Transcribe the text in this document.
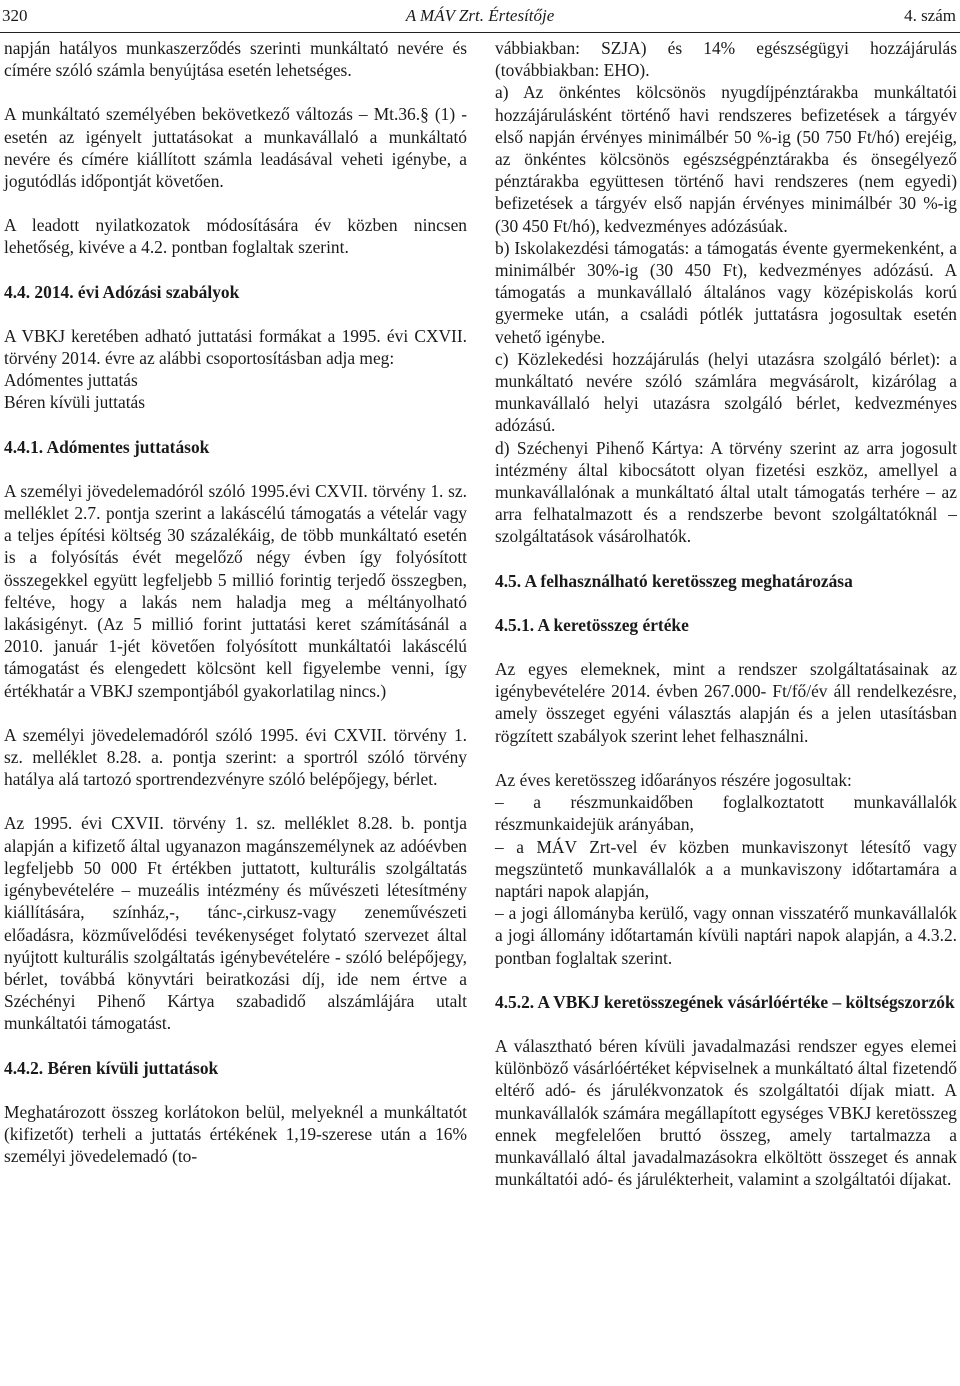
320	A MÁV Zrt. Értesítője	4. szám

napján hatályos munkaszerződés szerinti munkáltató nevére és címére szóló számla benyújtása esetén lehetséges.

A munkáltató személyében bekövetkező változás – Mt.36.§ (1) - esetén az igényelt juttatásokat a munkavállaló a munkáltató nevére és címére kiállított számla leadásával veheti igénybe, a jogutódlás időpontját követően.

A leadott nyilatkozatok módosítására év közben nincsen lehetőség, kivéve a 4.2. pontban foglaltak szerint.

4.4. 2014. évi Adózási szabályok

A VBKJ keretében adható juttatási formákat a 1995. évi CXVII. törvény 2014. évre az alábbi csoportosításban adja meg:

Adómentes juttatás

Béren kívüli juttatás

4.4.1. Adómentes juttatások

A személyi jövedelemadóról szóló 1995.évi CXVII. törvény 1. sz. melléklet 2.7. pontja szerint a lakáscélú támogatás a vételár vagy a teljes építési költség 30 százalékáig, de több munkáltató esetén is a folyósítás évét megelőző négy évben így folyósított összegekkel együtt legfeljebb 5 millió forintig terjedő összegben, feltéve, hogy a lakás nem haladja meg a méltányolható lakásigényt. (Az 5 millió forint juttatási keret számításánál a 2010. január 1-jét követően folyósított munkáltatói lakáscélú támogatást és elengedett kölcsönt kell figyelembe venni, így értékhatár a VBKJ szempontjából gyakorlatilag nincs.)

A személyi jövedelemadóról szóló 1995. évi CXVII. törvény 1. sz. melléklet 8.28. a. pontja szerint: a sportról szóló törvény hatálya alá tartozó sportrendezvényre szóló belépőjegy, bérlet.

Az 1995. évi CXVII. törvény 1. sz. melléklet 8.28. b. pontja alapján a kifizető által ugyanazon magánszemélynek az adóévben legfeljebb 50 000 Ft értékben juttatott, kulturális szolgáltatás igénybevételére – muzeális intézmény és művészeti létesítmény kiállítására, színház,-, tánc-,cirkusz-vagy zeneművészeti előadásra, közművelődési tevékenységet folytató szervezet által nyújtott kulturális szolgáltatás igénybevételére - szóló belépőjegy, bérlet, továbbá könyvtári beiratkozási díj, ide nem értve a Széchényi Pihenő Kártya szabadidő alszámlájára utalt munkáltatói támogatást.

4.4.2. Béren kívüli juttatások

Meghatározott összeg korlátokon belül, melyeknél a munkáltatót (kifizetőt) terheli a juttatás értékének 1,19-szerese után a 16% személyi jövedelemadó (to-

vábbiakban: SZJA) és 14% egészségügyi hozzájárulás (továbbiakban: EHO).

a) Az önkéntes kölcsönös nyugdíjpénztárakba munkáltatói hozzájárulásként történő havi rendszeres befizetések a tárgyév első napján érvényes minimálbér 50 %-ig (50 750 Ft/hó) erejéig, az önkéntes kölcsönös egészségpénztárakba és önsegélyező pénztárakba együttesen történő havi rendszeres (nem egyedi) befizetések a tárgyév első napján érvényes minimálbér 30 %-ig (30 450 Ft/hó), kedvezményes adózásúak.

b) Iskolakezdési támogatás: a támogatás évente gyermekenként, a minimálbér 30%-ig (30 450 Ft), kedvezményes adózású. A támogatás a munkavállaló általános vagy középiskolás korú gyermeke után, a családi pótlék juttatásra jogosultak esetén vehető igénybe.

c) Közlekedési hozzájárulás (helyi utazásra szolgáló bérlet): a munkáltató nevére szóló számlára megvásárolt, kizárólag a munkavállaló helyi utazásra szolgáló bérlet, kedvezményes adózású.

d) Széchenyi Pihenő Kártya: A törvény szerint az arra jogosult intézmény által kibocsátott olyan fizetési eszköz, amellyel a munkavállalónak a munkáltató által utalt támogatás terhére – az arra felhatalmazott és a rendszerbe bevont szolgáltatóknál – szolgáltatások vásárolhatók.

4.5. A felhasználható keretösszeg meghatározása

4.5.1. A keretösszeg értéke

Az egyes elemeknek, mint a rendszer szolgáltatásainak az igénybevételére 2014. évben 267.000- Ft/fő/év áll rendelkezésre, amely összeget egyéni választás alapján és a jelen utasításban rögzített szabályok szerint lehet felhasználni.

Az éves keretösszeg időarányos részére jogosultak:

– a részmunkaidőben foglalkoztatott munkavállalók részmunkaidejük arányában,

– a MÁV Zrt-vel év közben munkaviszonyt létesítő vagy megszüntető munkavállalók a a munkaviszony időtartamára a naptári napok alapján,

– a jogi állományba kerülő, vagy onnan visszatérő munkavállalók a jogi állomány időtartamán kívüli naptári napok alapján, a 4.3.2. pontban foglaltak szerint.

4.5.2. A VBKJ keretösszegének vásárlóértéke – költségszorzók

A választható béren kívüli javadalmazási rendszer egyes elemei különböző vásárlóértéket képviselnek a munkáltató által fizetendő eltérő adó- és járulékvonzatok és szolgáltatói díjak miatt. A munkavállalók számára megállapított egységes VBKJ keretösszeg ennek megfelelően bruttó összeg, amely tartalmazza a munkavállaló által javadalmazásokra elköltött összeget és annak munkáltatói adó- és járulékterheit, valamint a szolgáltatói díjakat.
